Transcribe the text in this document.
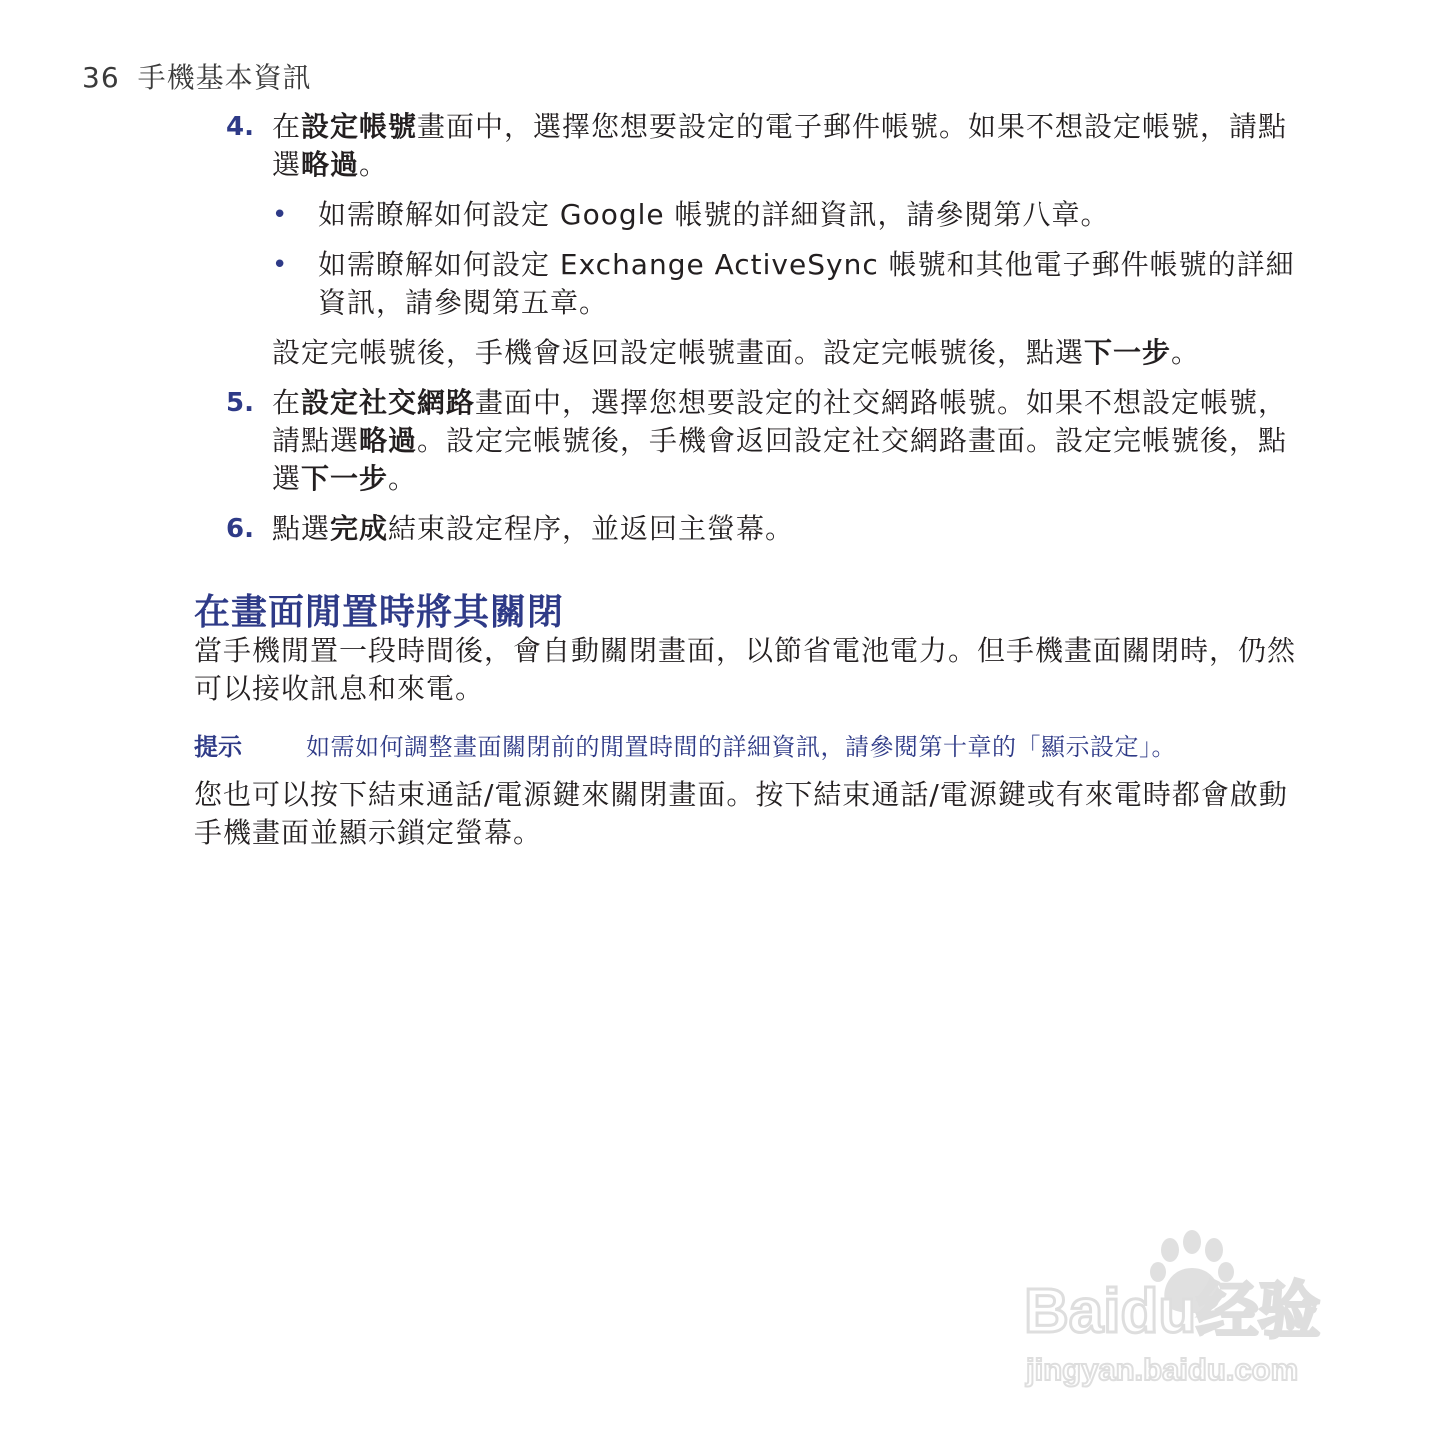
36 手機基本資訊
4. 在設定帳號畫面中，選擇您想要設定的電子郵件帳號。如果不想設定帳號，請點選略過。
• 如需瞭解如何設定 Google 帳號的詳細資訊，請參閱第八章。
• 如需瞭解如何設定 Exchange ActiveSync 帳號和其他電子郵件帳號的詳細資訊，請參閱第五章。
設定完帳號後，手機會返回設定帳號畫面。設定完帳號後，點選下一步。
5. 在設定社交網路畫面中，選擇您想要設定的社交網路帳號。如果不想設定帳號，請點選略過。設定完帳號後，手機會返回設定社交網路畫面。設定完帳號後，點選下一步。
6. 點選完成結束設定程序，並返回主螢幕。
在畫面閒置時將其關閉
當手機閒置一段時間後，會自動關閉畫面，以節省電池電力。但手機畫面關閉時，仍然可以接收訊息和來電。
提示	如需如何調整畫面關閉前的閒置時間的詳細資訊，請參閱第十章的「顯示設定」。
您也可以按下結束通話/電源鍵來關閉畫面。按下結束通話/電源鍵或有來電時都會啟動手機畫面並顯示鎖定螢幕。
Baidu经验
jingyan.baidu.com
